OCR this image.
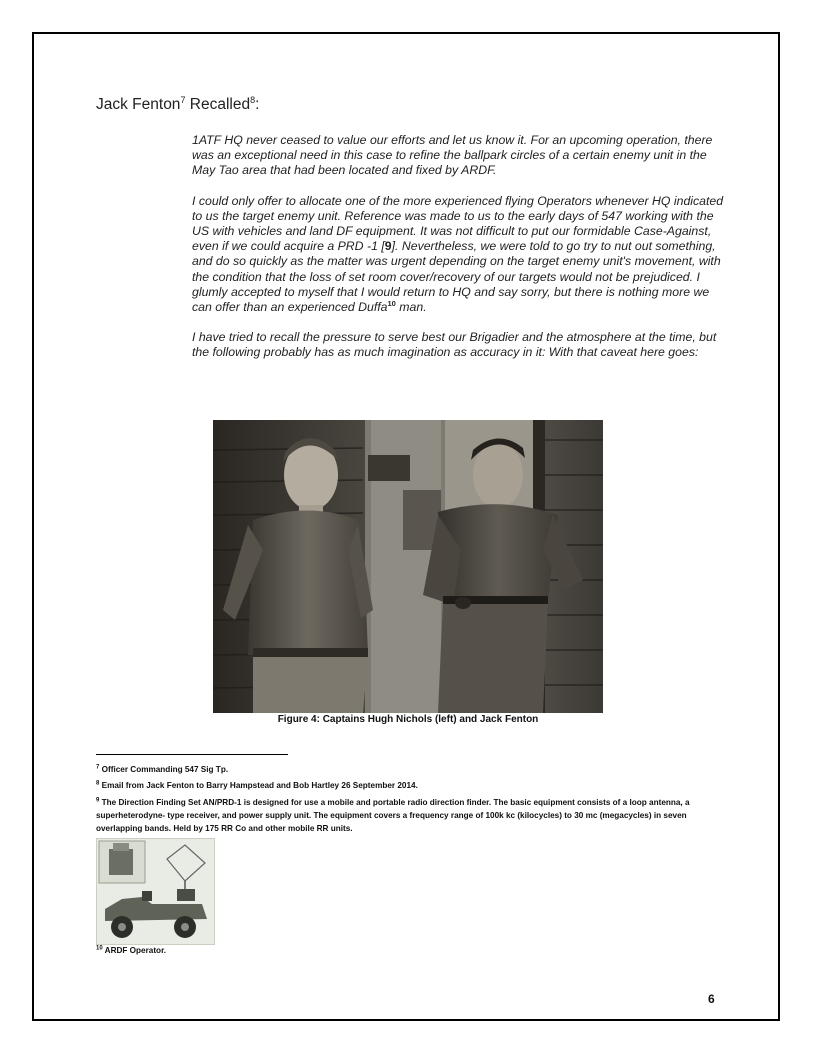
Jack Fenton$^7$ Recalled$^8$:

1ATF HQ never ceased to value our efforts and let us know it. For an upcoming operation, there was an exceptional need in this case to refine the ballpark circles of a certain enemy unit in the May Tao area that had been located and fixed by ARDF.

I could only offer to allocate one of the more experienced flying Operators whenever HQ indicated to us the target enemy unit. Reference was made to us to the early days of 547 working with the US with vehicles and land DF equipment. It was not difficult to put our formidable Case-Against, even if we could acquire a PRD -1 [9]. Nevertheless, we were told to go try to nut out something, and do so quickly as the matter was urgent depending on the target enemy unit's movement, with the condition that the loss of set room cover/recovery of our targets would not be prejudiced. I glumly accepted to myself that I would return to HQ and say sorry, but there is nothing more we can offer than an experienced Duffa$^{10}$ man.

I have tried to recall the pressure to serve best our Brigadier and the atmosphere at the time, but the following probably has as much imagination as accuracy in it: With that caveat here goes:

Figure 4: Captains Hugh Nichols (left) and Jack Fenton
$^7$ Officer Commanding 547 Sig Tp.
$^8$ Email from Jack Fenton to Barry Hampstead and Bob Hartley 26 September 2014.
$^9$ The Direction Finding Set AN/PRD-1 is designed for use a mobile and portable radio direction finder. The basic equipment consists of a loop antenna, a superheterodyne- type receiver, and power supply unit. The equipment covers a frequency range of 100k kc (kilocycles) to 30 mc (megacycles) in seven overlapping bands. Held by 175 RR Co and other mobile RR units.
$^{10}$ ARDF Operator.
6
